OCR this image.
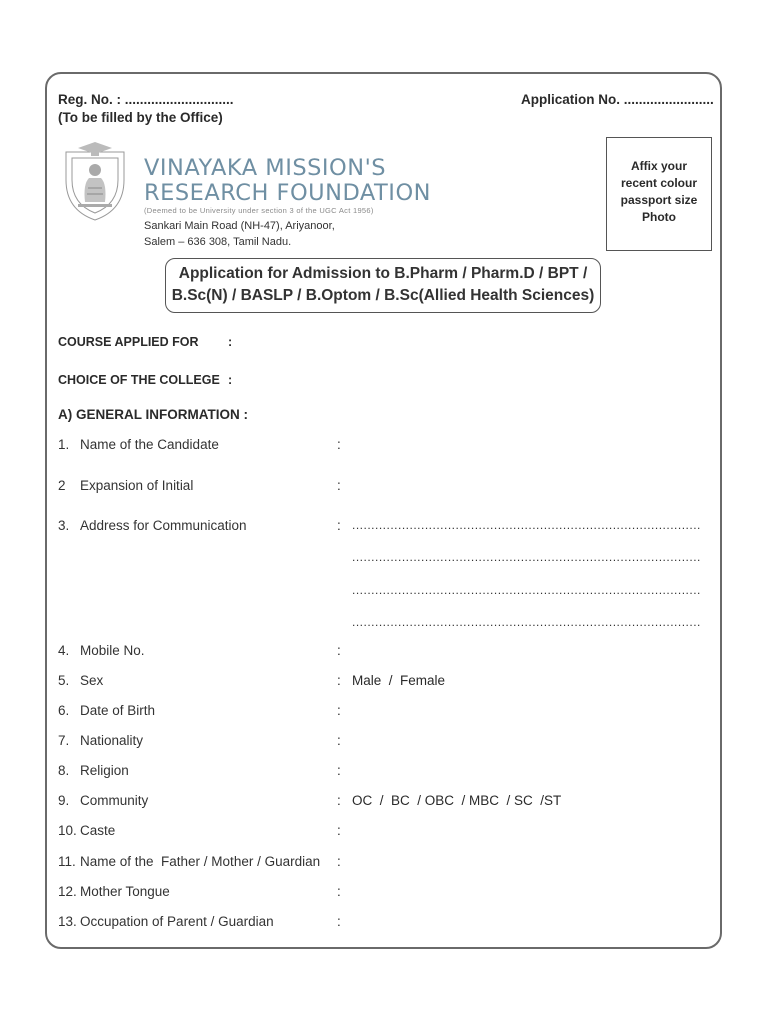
Reg. No. : .............................
(To be filled by the Office)
Application No. ........................
VINAYAKA MISSION'S
RESEARCH FOUNDATION
(Deemed to be University under section 3 of the UGC Act 1956)
Sankari Main Road (NH-47), Ariyanoor,
Salem – 636 308, Tamil Nadu.
Affix your
recent colour
passport size
Photo
Application for Admission to B.Pharm / Pharm.D / BPT /
B.Sc(N) / BASLP / B.Optom / B.Sc(Allied Health Sciences)
COURSE APPLIED FOR :
CHOICE OF THE COLLEGE :
A) GENERAL INFORMATION :
1. Name of the Candidate	:
2 Expansion of Initial	:
3. Address for Communication	: ...........................................................................................
...........................................................................................
...........................................................................................
...........................................................................................
4. Mobile No.	:
5. Sex	: Male  /  Female
6. Date of Birth	:
7. Nationality	:
8. Religion	:
9. Community	: OC  /  BC  / OBC  / MBC  / SC  /ST
10. Caste	:
11. Name of the  Father / Mother / Guardian :
12. Mother Tongue	:
13. Occupation of Parent / Guardian	:
